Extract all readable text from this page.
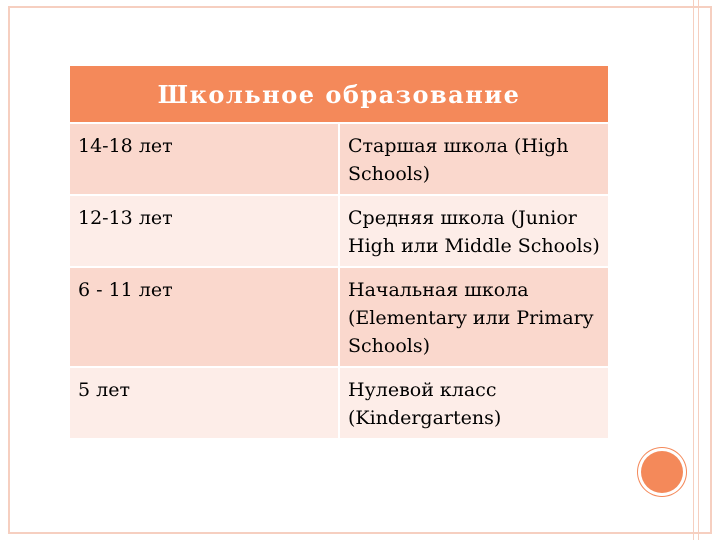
Школьное образование	
14-18 лет	Старшая школа (High Schools)
12-13 лет	Средняя школа (Junior High или Middle Schools)
6 - 11 лет	Начальная школа (Elementary или Primary Schools)
5 лет	Нулевой класс (Kindergartens)
